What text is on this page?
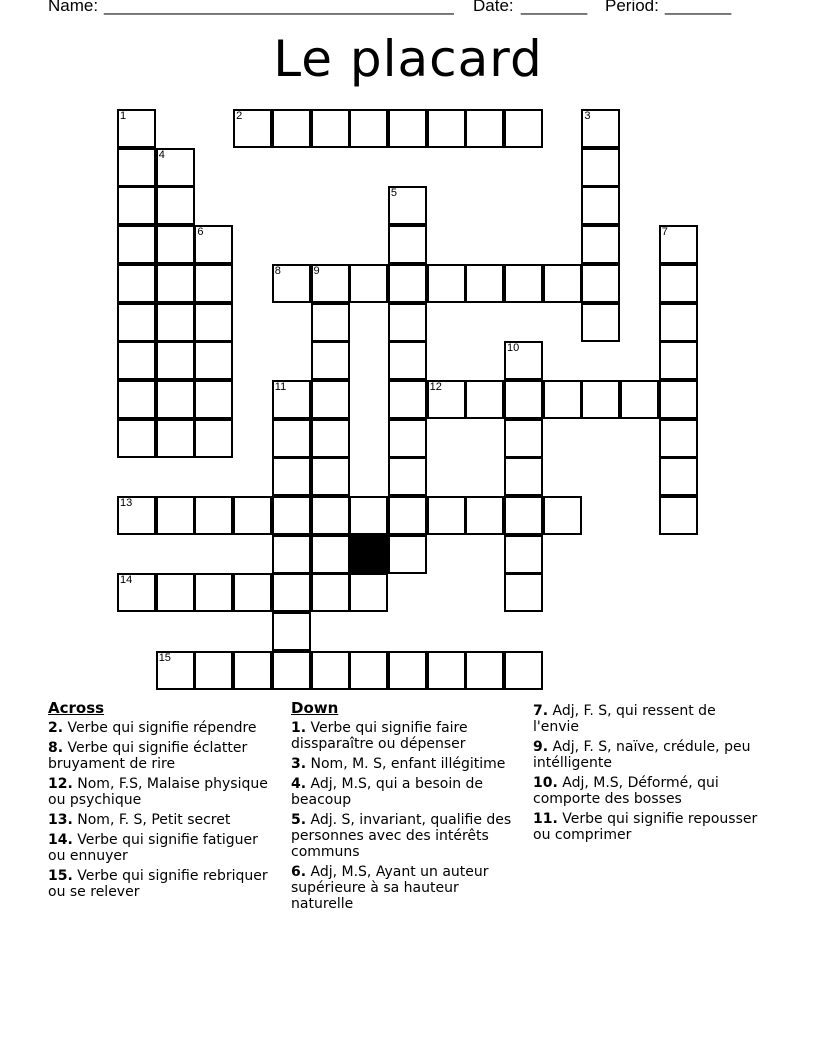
Name: _____________________________________ Date: _______ Period: _______
Le placard
1	2	3
4
5
6	7
8	9
10
11	12
13
14
15
Across
2. Verbe qui signifie répendre
8. Verbe qui signifie éclatter bruyament de rire
12. Nom, F.S, Malaise physique ou psychique
13. Nom, F. S, Petit secret
14. Verbe qui signifie fatiguer ou ennuyer
15. Verbe qui signifie rebriquer ou se relever
Down
1. Verbe qui signifie faire dissparaître ou dépenser
3. Nom, M. S, enfant illégitime
4. Adj, M.S, qui a besoin de beacoup
5. Adj. S, invariant, qualifie des personnes avec des intérêts communs
6. Adj, M.S, Ayant un auteur supérieure à sa hauteur naturelle
7. Adj, F. S, qui ressent de l'envie
9. Adj, F. S, naïve, crédule, peu intélligente
10. Adj, M.S, Déformé, qui comporte des bosses
11. Verbe qui signifie repousser ou comprimer
